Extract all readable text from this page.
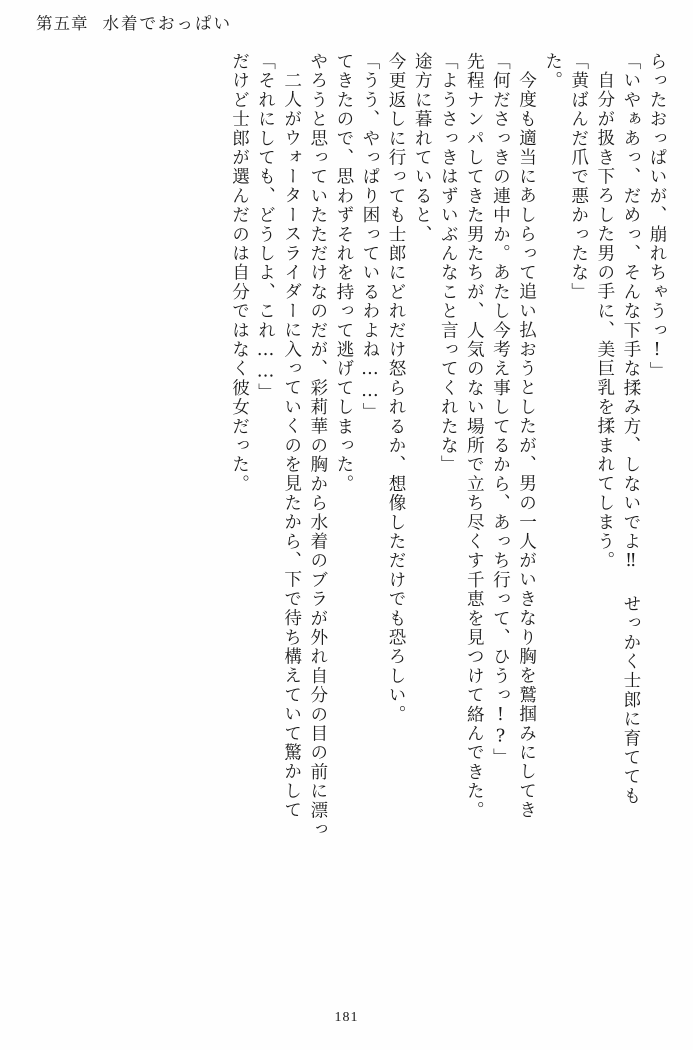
第五章 水着でおっぱい
だけど士郎が選んだのは自分ではなく彼女だった。 「それにしても、どうしよ、これ……」 二人がウォータースライダーに入っていくのを見たから、下で待ち構えていて驚かして やろうと思っていたただけなのだが、彩莉華の胸から水着のブラが外れ自分の目の前に漂っ てきたので、思わずそれを持って逃げてしまった。 「うう、やっぱり困っているわよね……」 今更返しに行っても士郎にどれだけ怒られるか、想像しただけでも恐ろしい。 途方に暮れていると、 「ようさっきはずいぶんなこと言ってくれたな」 先程ナンパしてきた男たちが、人気のない場所で立ち尽くす千恵を見つけて絡んできた。 「何ださっきの連中か。あたし今考え事してるから、あっち行って、ひうっ!?」 今度も適当にあしらって追い払おうとしたが、男の一人がいきなり胸を鷲掴みにしてき た。 「黄ばんだ爪で悪かったな」 自分が扱き下ろした男の手に、美巨乳を揉まれてしまう。 「いやぁあっ、だめっ、そんな下手な揉み方、しないでよ‼ せっかく士郎に育てても らったおっぱいが、崩れちゃうっ!」
181
